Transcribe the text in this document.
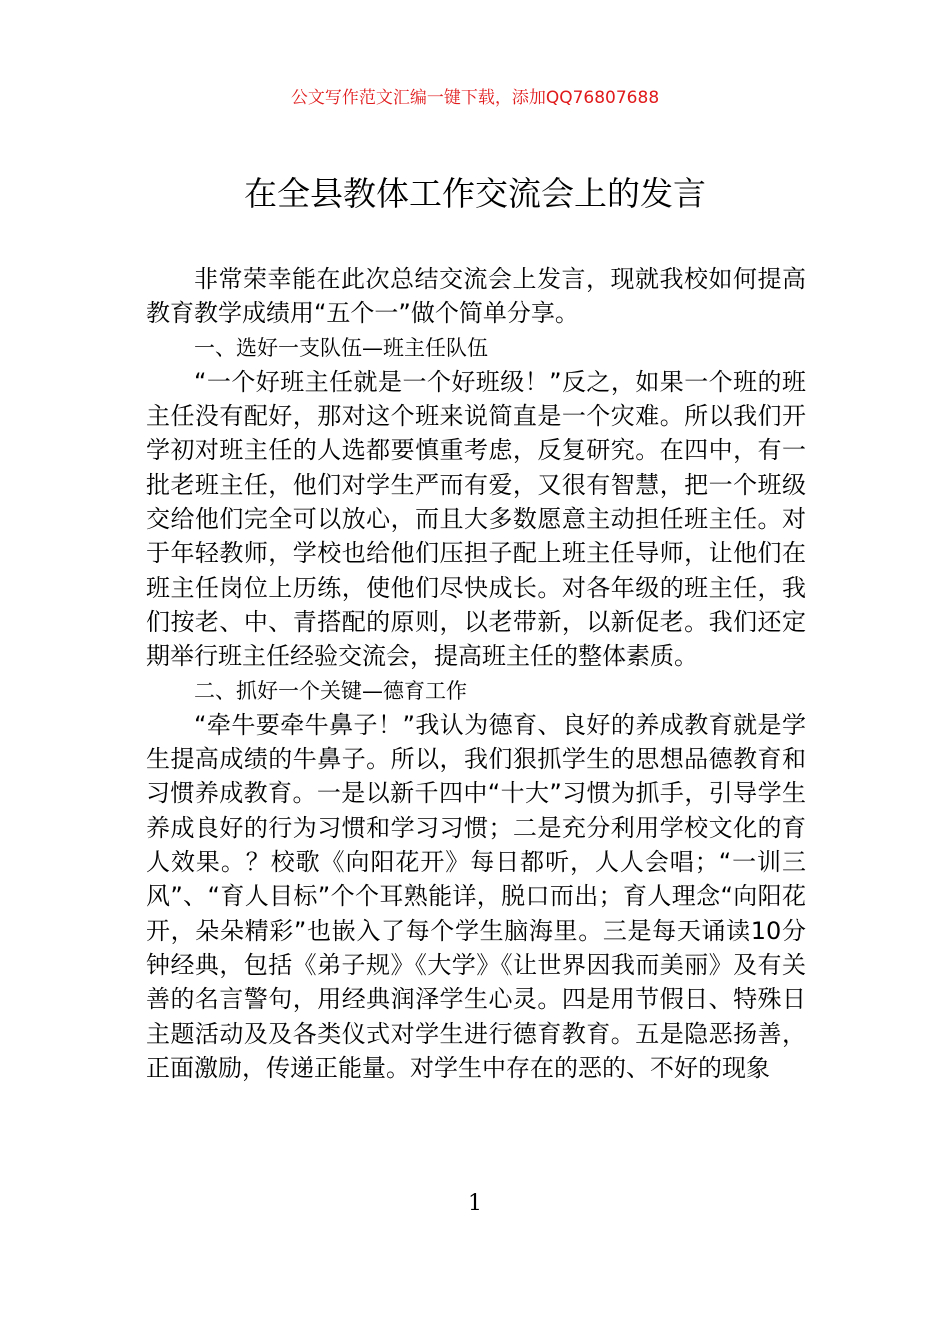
公文写作范文汇编一键下载，添加QQ76807688
在全县教体工作交流会上的发言

非常荣幸能在此次总结交流会上发言，现就我校如何提高教育教学成绩用“五个一”做个简单分享。

一、选好一支队伍—班主任队伍

“一个好班主任就是一个好班级！”反之，如果一个班的班主任没有配好，那对这个班来说简直是一个灾难。所以我们开学初对班主任的人选都要慎重考虑，反复研究。在四中，有一批老班主任，他们对学生严而有爱，又很有智慧，把一个班级交给他们完全可以放心，而且大多数愿意主动担任班主任。对于年轻教师，学校也给他们压担子配上班主任导师，让他们在班主任岗位上历练，使他们尽快成长。对各年级的班主任，我们按老、中、青搭配的原则，以老带新，以新促老。我们还定期举行班主任经验交流会，提高班主任的整体素质。

二、抓好一个关键—德育工作

“牵牛要牵牛鼻子！”我认为德育、良好的养成教育就是学生提高成绩的牛鼻子。所以，我们狠抓学生的思想品德教育和习惯养成教育。一是以新千四中“十大”习惯为抓手，引导学生养成良好的行为习惯和学习习惯；二是充分利用学校文化的育人效果。？校歌《向阳花开》每日都听，人人会唱；“一训三风”、“育人目标”个个耳熟能详，脱口而出；育人理念“向阳花开，朵朵精彩”也嵌入了每个学生脑海里。三是每天诵读10分钟经典，包括《弟子规》《大学》《让世界因我而美丽》及有关善的名言警句，用经典润泽学生心灵。四是用节假日、特殊日主题活动及及各类仪式对学生进行德育教育。五是隐恶扬善，正面激励，传递正能量。对学生中存在的恶的、不好的现象

1
